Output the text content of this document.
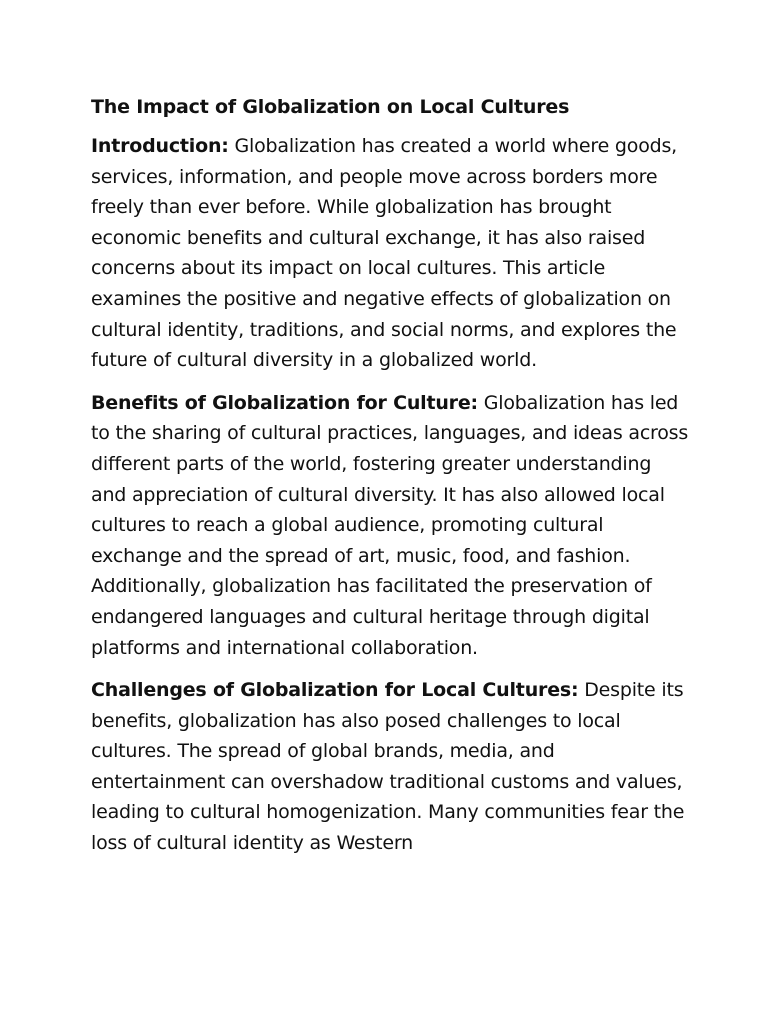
The Impact of Globalization on Local Cultures

Introduction: Globalization has created a world where goods, services, information, and people move across borders more freely than ever before. While globalization has brought economic benefits and cultural exchange, it has also raised concerns about its impact on local cultures. This article examines the positive and negative effects of globalization on cultural identity, traditions, and social norms, and explores the future of cultural diversity in a globalized world.

Benefits of Globalization for Culture: Globalization has led to the sharing of cultural practices, languages, and ideas across different parts of the world, fostering greater understanding and appreciation of cultural diversity. It has also allowed local cultures to reach a global audience, promoting cultural exchange and the spread of art, music, food, and fashion. Additionally, globalization has facilitated the preservation of endangered languages and cultural heritage through digital platforms and international collaboration.

Challenges of Globalization for Local Cultures: Despite its benefits, globalization has also posed challenges to local cultures. The spread of global brands, media, and entertainment can overshadow traditional customs and values, leading to cultural homogenization. Many communities fear the loss of cultural identity as Western
